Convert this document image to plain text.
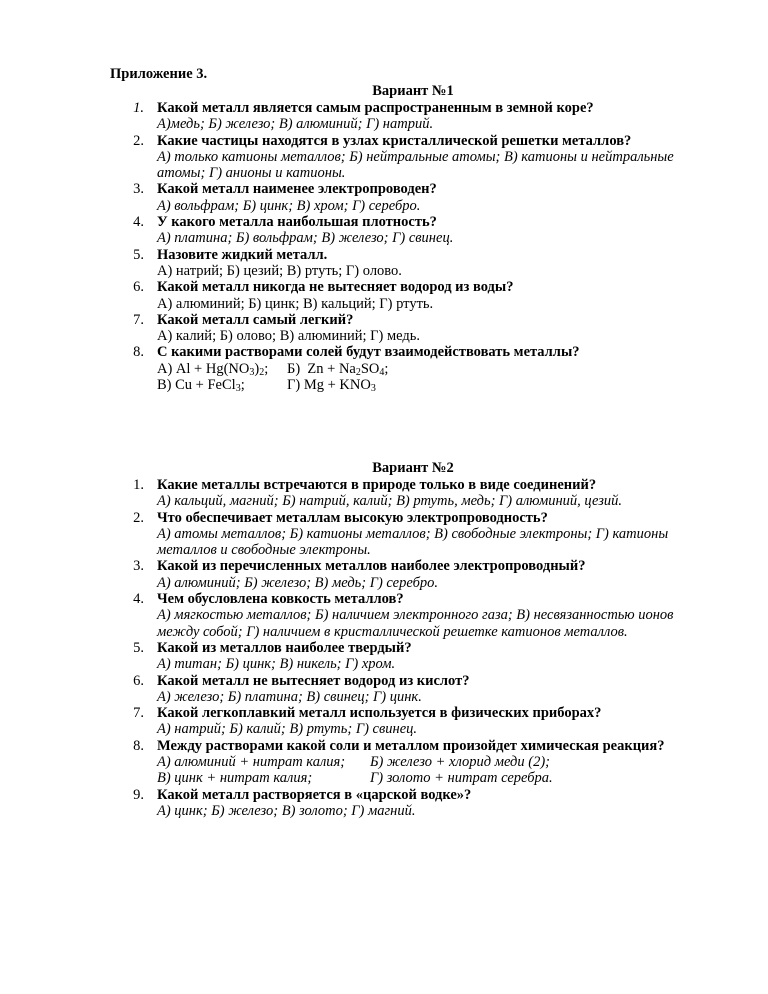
Приложение 3.
Вариант №1
1. Какой металл является самым распространенным в земной коре?
А)медь; Б) железо; В) алюминий; Г) натрий.
2. Какие частицы находятся в узлах кристаллической решетки металлов?
А) только катионы металлов; Б) нейтральные атомы; В) катионы и нейтральные атомы; Г) анионы и катионы.
3. Какой металл наименее электропроводен?
А) вольфрам; Б) цинк; В) хром; Г) серебро.
4. У какого металла наибольшая плотность?
А) платина; Б) вольфрам; В) железо; Г) свинец.
5. Назовите жидкий металл.
А) натрий; Б) цезий; В) ртуть; Г) олово.
6. Какой металл никогда не вытесняет водород из воды?
А) алюминий; Б) цинк; В) кальций; Г) ртуть.
7. Какой металл самый легкий?
А) калий; Б) олово; В) алюминий; Г) медь.
8. С какими растворами солей будут взаимодействовать металлы?
А) $Al + Hg(NO_3)_2$; Б)  $Zn + Na_2SO_4$;
В) Cu + FeCl$_3$;	Г) $Mg + KNO_3$
Вариант №2
1. Какие металлы встречаются в природе только в виде соединений?
А) кальций, магний; Б) натрий, калий; В) ртуть, медь; Г) алюминий, цезий.
2. Что обеспечивает металлам высокую электропроводность?
А) атомы металлов; Б) катионы металлов; В) свободные электроны; Г) катионы металлов и свободные электроны.
3. Какой из перечисленных металлов наиболее электропроводный?
А) алюминий; Б) железо; В) медь; Г) серебро.
4. Чем обусловлена ковкость металлов?
А) мягкостью металлов; Б) наличием электронного газа; В) несвязанностью ионов между собой; Г) наличием в кристаллической решетке катионов металлов.
5. Какой из металлов наиболее твердый?
А) титан; Б) цинк; В) никель; Г) хром.
6. Какой металл не вытесняет водород из кислот?
А) железо; Б) платина; В) свинец; Г) цинк.
7. Какой легкоплавкий металл используется в физических приборах?
А) натрий; Б) калий; В) ртуть; Г) свинец.
8. Между растворами какой соли и металлом произойдет химическая реакция?
А) алюминий + нитрат калия; Б) железо + хлорид меди (2);
В) цинк + нитрат калия;	Г) золото + нитрат серебра.
9. Какой металл растворяется в «царской водке»?
А) цинк; Б) железо; В) золото; Г) магний.
